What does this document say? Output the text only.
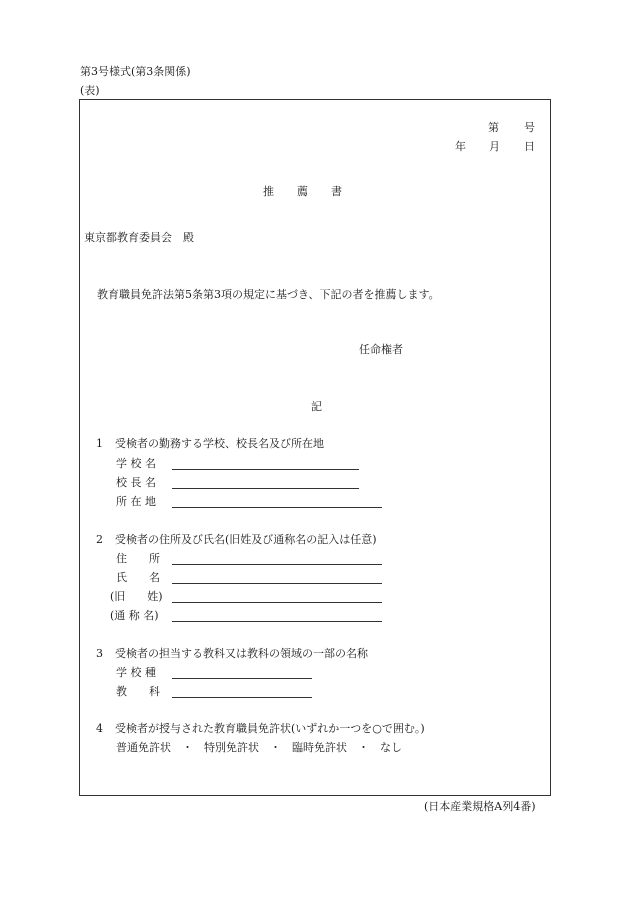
第3号様式(第3条関係)
(表)
第 号
年 月 日
推　薦　書
東京都教育委員会　殿
教育職員免許法第5条第3項の規定に基づき、下記の者を推薦します。
任命権者
記
1 受検者の勤務する学校、校長名及び所在地
学 校 名
校 長 名
所 在 地
2 受検者の住所及び氏名(旧姓及び通称名の記入は任意)
住　　所
氏　　名
(旧　　姓)
(通 称 名)
3 受検者の担当する教科又は教科の領域の一部の名称
学 校 種
教　　科
4 受検者が授与された教育職員免許状(いずれか一つを○で囲む。)
普通免許状　・　特別免許状　・　臨時免許状　・　なし
(日本産業規格A列4番)
